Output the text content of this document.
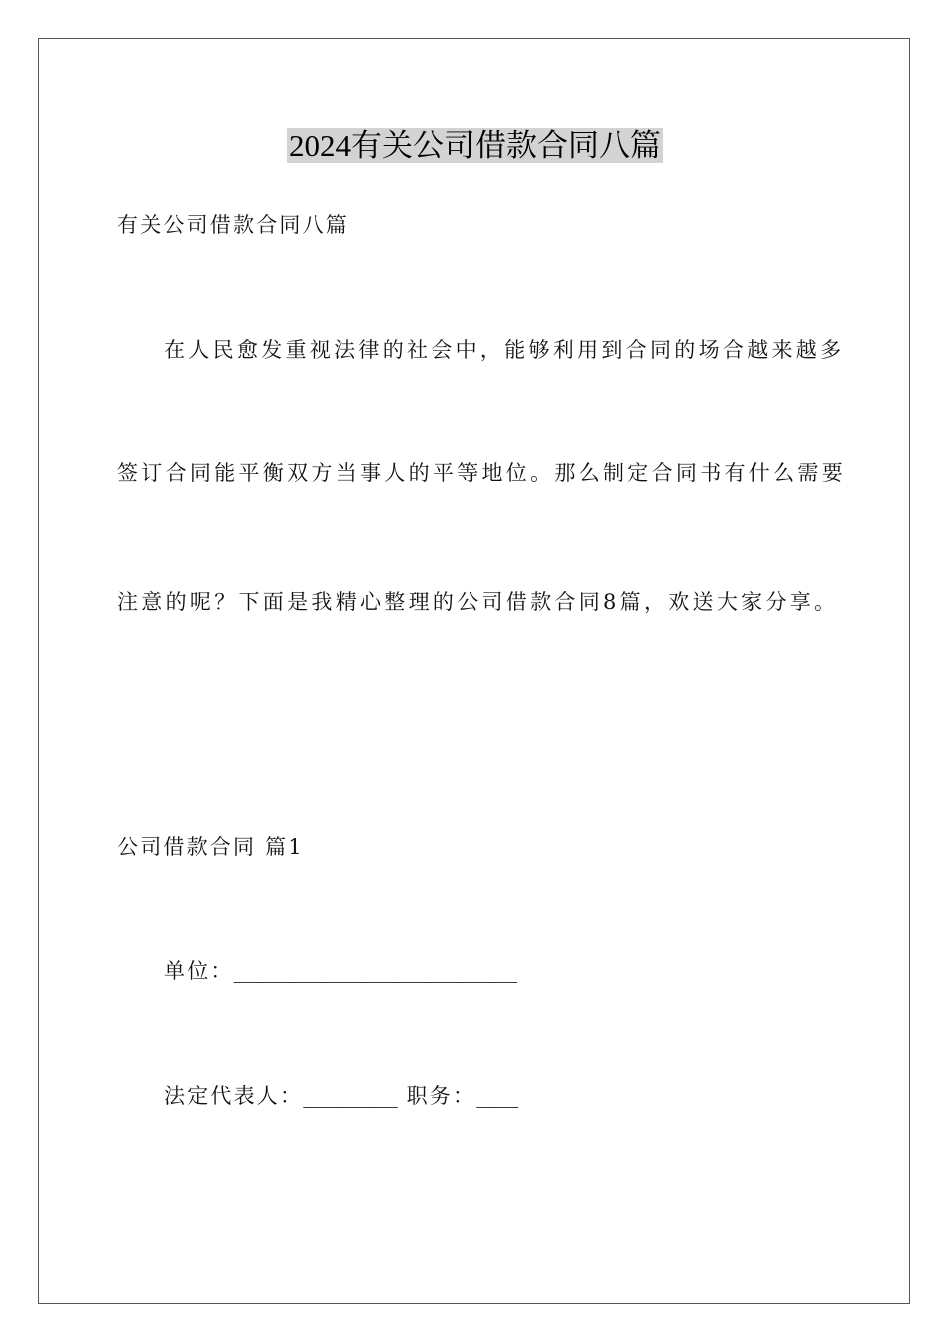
2024有关公司借款合同八篇
有关公司借款合同八篇
在人民愈发重视法律的社会中，能够利用到合同的场合越来越多
签订合同能平衡双方当事人的平等地位。那么制定合同书有什么需要
注意的呢？下面是我精心整理的公司借款合同8篇，欢送大家分享。
公司借款合同 篇1
单位：___________________________
法定代表人：_________ 职务：____
